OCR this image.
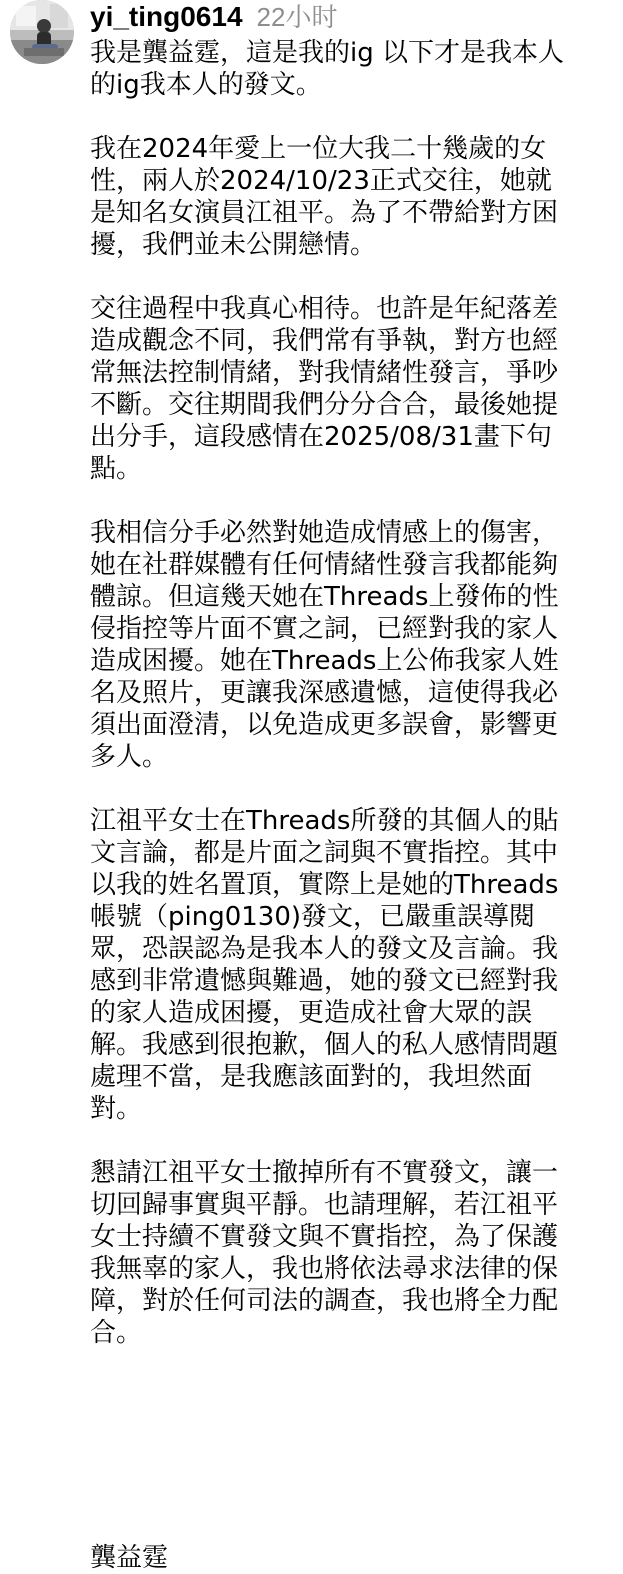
yi_ting0614 22小时

我是龔益霆，這是我的ig 以下才是我本人
的ig我本人的發文。

我在2024年愛上一位大我二十幾歲的女
性，兩人於2024/10/23正式交往，她就
是知名女演員江祖平。為了不帶給對方困
擾，我們並未公開戀情。

交往過程中我真心相待。也許是年紀落差
造成觀念不同，我們常有爭執，對方也經
常無法控制情緒，對我情緒性發言，爭吵
不斷。交往期間我們分分合合，最後她提
出分手，這段感情在2025/08/31畫下句
點。

我相信分手必然對她造成情感上的傷害，
她在社群媒體有任何情緒性發言我都能夠
體諒。但這幾天她在Threads上發佈的性
侵指控等片面不實之詞，已經對我的家人
造成困擾。她在Threads上公佈我家人姓
名及照片，更讓我深感遺憾，這使得我必
須出面澄清，以免造成更多誤會，影響更
多人。

江祖平女士在Threads所發的其個人的貼
文言論，都是片面之詞與不實指控。其中
以我的姓名置頂，實際上是她的Threads
帳號（ping0130)發文，已嚴重誤導閱
眾，恐誤認為是我本人的發文及言論。我
感到非常遺憾與難過，她的發文已經對我
的家人造成困擾，更造成社會大眾的誤
解。我感到很抱歉，個人的私人感情問題
處理不當，是我應該面對的，我坦然面
對。

懇請江祖平女士撤掉所有不實發文，讓一
切回歸事實與平靜。也請理解，若江祖平
女士持續不實發文與不實指控，為了保護
我無辜的家人，我也將依法尋求法律的保
障，對於任何司法的調查，我也將全力配
合。

龔益霆
